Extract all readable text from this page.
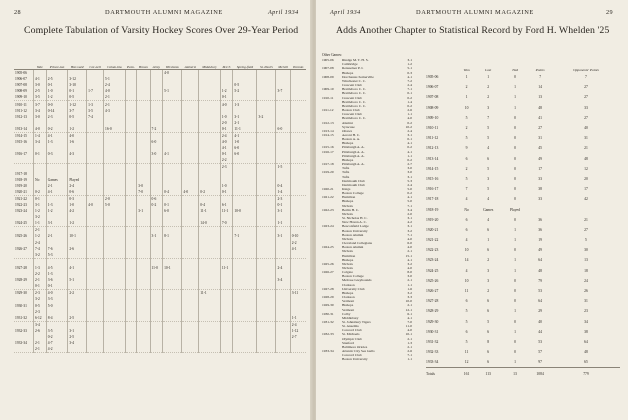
28	DARTMOUTH ALUMNI MAGAZINE	April 1934
Complete Tabulation of Varsity Hockey Scores Over 29-Year Period
	Yale	Prince-ton	Har-vard	Cor-nell	Colum-bia	Penn.	Brown	Army	Wil-liams	Amherst	Midd-bury	M.I.T.	Spring-field	St. Paul's	McGill	Toronto
1905-06									4-0							
1906-07	4-1	2-5	3-12		5-1											
1907-08	3-0	0-1	3-10		2-4								0-5			
1908-09	2-5	1-0	0-1	1-7	4-0				5-1			1-2	5-2		3-7	
1909-10	3-5	1-2	0-5		2-1							0-1				
1910-11	3-7	0-0	1-12	1-3	2-1							4-0	1-3			
1911-12	3-4	0-14	3-7	3-5	4-3											
1912-13	3-0	2-3	0-5	7-4								1-0	3-1	3-2		
												2-0	2-1			
1913-14	4-0	0-2	1-2		16-0			7-2				0-1	11-1		6-0	
1914-15	1-4	4-1	4-0									2-4	4-1			
1915-16	3-4	1-3	1-6					6-0				4-0	1-0			
												4-1	6-0			
1916-17	0-1	0-3	4-3					3-0	4-1			0-1	6-0			
												2-2				
												2-3			1-5	
1917-18																
1918-19	No	Games	Played													
1919-20		2-1	2-4				3-0					1-0			0-4	
1920-21	0-2	4-1	0-6				7-0		0-4	4-0	0-2	0-1			1-4	
1921-22	0-1		0-3		2-0			0-6							2-3	
1922-23	3-1	1-3	1-0	4-0	5-0			0-2	0-1		0-4	6-1			0-1	
1923-24	1-2	1-2	4-2				3-1		6-0		11-1	11-1	10-0		3-1	
	3-2															
1924-25	1-1	3-1	1-2								14-0	7-0			1-1	
	2-1															
1925-26	1-2	2-1	10-1					3-1	8-1				7-1		3-1	0-10
	2-4															2-2
1926-27	7-4	7-6	2-6													4-1
	3-2	5-3														

1927-28	1-3	4-5	4-1					11-0	10-1			11-1			2-4	
	2-2	1-3														
1928-29	2-1	3-6	5-1												3-4	
	0-1	0-1														
1929-30	2-3	4-0	2-2								11-1					3-11
	3-2	3-3														
1930-31	0-5	5-0														
	2-3															
1931-32	6-12	8-4	2-5													1-1
	3-4															2-4
1932-33	2-6	3-5	3-1													1-12
		0-2	2-5													2-7
1933-34	2-1	4-7	3-4													
	2-1	4-2														
April 1934	DARTMOUTH ALUMNI MAGAZINE	29
Adds Another Chapter to Statistical Record by Ford H. Whelden '25
Other Games:
1905-06	Rindge M. T. H. S.	3-1
Cambridge	1-2
1907-08	Rensselaer P. I.	5-1
Bishops	0-3
1908-09	Dorchester-Somerville	4-1
Winchester C. C.	7-2
Crescent Club	2-4
1909-10	Brattleboro C. C.	7-1
Brattleboro C. C.	0-1
1910-11	Crescent Club	0-2
Brattleboro C. C.	1-4
Brattleboro C. C.	0-2
1911-12	Boston Club	2-6
Crescent Club	1-1
Brattleboro C. C.	4-0
1912-13	Alumni	0-2
Syracuse	10-2
1913-14	Ottawa	2-4
1914-15	Aeroni H. C.	3-1
Boston A. A.	0-1
Bishops	4-1
1915-16	Pittsburgh A. A.	0-2
1916-17	Pittsburgh A. A.	4-1
Pittsburgh A. A.	1-1
Bishops	0-2
1917-18	Pittsburgh A. A.	2-7
Tufts	3-0
1919-20	Tufts	3-0
Tufts	3-1
Dartmouth Club	5-3
Dartmouth Club	2-4
1920-21	Kings	5-0
Boston College	0-2
1921-22	Hamilton	4-1
Bishops	5-0
Nichols	7-1
1922-23	Berlin H. C.	3-4
Nichols	2-0
St. Nicholas H. C.	3-1
New Haven A. C.	4-2
1923-24	Beaconfield Lodge	3-1
Boston University	3-2
Boston Alumni	7-1
Nichols	4-0
Cleveland Collegians	6-0
1924-25	Boston Alumni	4-0
Nichols	2-1
Hamilton	15-1
Bishops	4-1
1925-26	Nichols	3-2
Nichols	4-0
1926-27	Colgate	8-0
Boston College	3-0
Melrose Greyhounds	2-1
Clarkson	1-1
1927-28	University Club	1-6
Bishops	3-2
1928-29	Clarkson	3-3
Vermont	10-0
1929-30	Bishops	2-1
Vermont	12-1
1930-31	Colby	6-1
Middlebury	4-1
1931-32	St. Johnsbury Tigers	7-0
St. Anselms	11-0
Concord Club	4-0
1932-33	St. Michaels	10-1
Olympic Club	2-1
Stanford	1-3
Baltimore Orioles	2-1
1933-34	Atlantic City Sea Gulls	2-6
Concord Club	7-1
Boston University	1-1
	Won	Lost	Tied	Points	Opponents' Points
1905-06	1	1	0	7	7
1906-07	2	2	1	14	27
1907-08	1	2	1	13	27
1908-09	10	3	1	48	33
1909-10	5	7	0	41	27
1910-11	2	5	0	27	40
1911-12	5	5	0	31	31
1912-13	9	4	0	45	21
1913-14	6	6	0	49	48
1914-15	2	5	0	17	12
1915-16	5	3	0	33	20
1916-17	7	5	0	38	17
1917-18	4	4	0	33	42
1918-19	No	Games	Played		
1919-20	6	4	0	36	21
1920-21	6	6	1	36	27
1921-22	4	1	1	19	5
1922-23	10	6	0	49	30
1923-24	14	2	1	64	13
1924-25	4	3	1	48	18
1925-26	10	3	0	79	24
1926-27	11	2	0	53	26
1927-28	6	6	0	64	31
1928-29	5	6	1	29	23
1929-30	5	5	0	40	34
1930-31	6	6	1	44	38
1931-32	5	8	0	53	64
1932-33	11	6	0	57	48
1933-34	12	6	1	97	65
Totals	161	113	13	1084	779
